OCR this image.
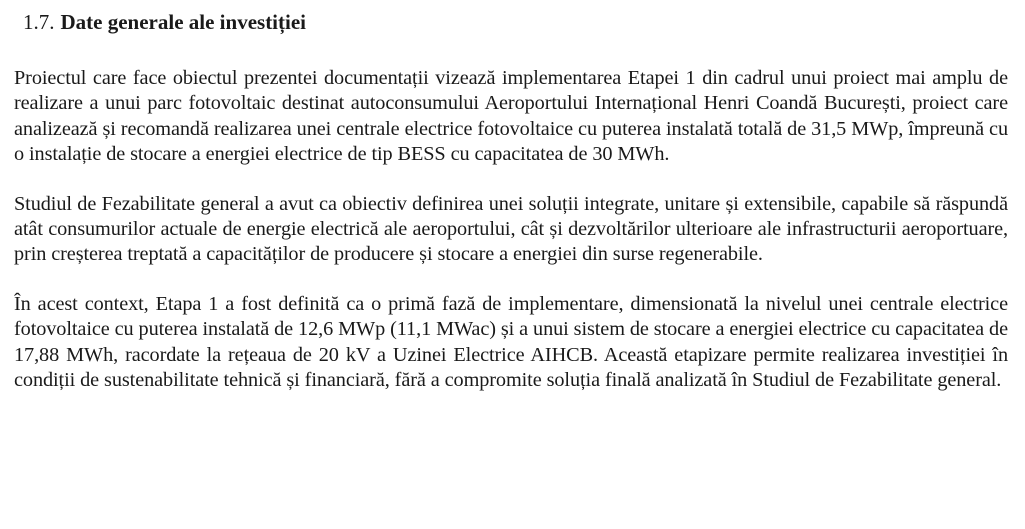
1.7. Date generale ale investiției

Proiectul care face obiectul prezentei documentații vizează implementarea Etapei 1 din cadrul unui proiect mai amplu de realizare a unui parc fotovoltaic destinat autoconsumului Aeroportului Internațional Henri Coandă București, proiect care analizează și recomandă realizarea unei centrale electrice fotovoltaice cu puterea instalată totală de 31,5 MWp, împreună cu o instalație de stocare a energiei electrice de tip BESS cu capacitatea de 30 MWh.

Studiul de Fezabilitate general a avut ca obiectiv definirea unei soluții integrate, unitare și extensibile, capabile să răspundă atât consumurilor actuale de energie electrică ale aeroportului, cât și dezvoltărilor ulterioare ale infrastructurii aeroportuare, prin creșterea treptată a capacităților de producere și stocare a energiei din surse regenerabile.

În acest context, Etapa 1 a fost definită ca o primă fază de implementare, dimensionată la nivelul unei centrale electrice fotovoltaice cu puterea instalată de 12,6 MWp (11,1 MWac) și a unui sistem de stocare a energiei electrice cu capacitatea de 17,88 MWh, racordate la rețeaua de 20 kV a Uzinei Electrice AIHCB. Această etapizare permite realizarea investiției în condiții de sustenabilitate tehnică și financiară, fără a compromite soluția finală analizată în Studiul de Fezabilitate general.
